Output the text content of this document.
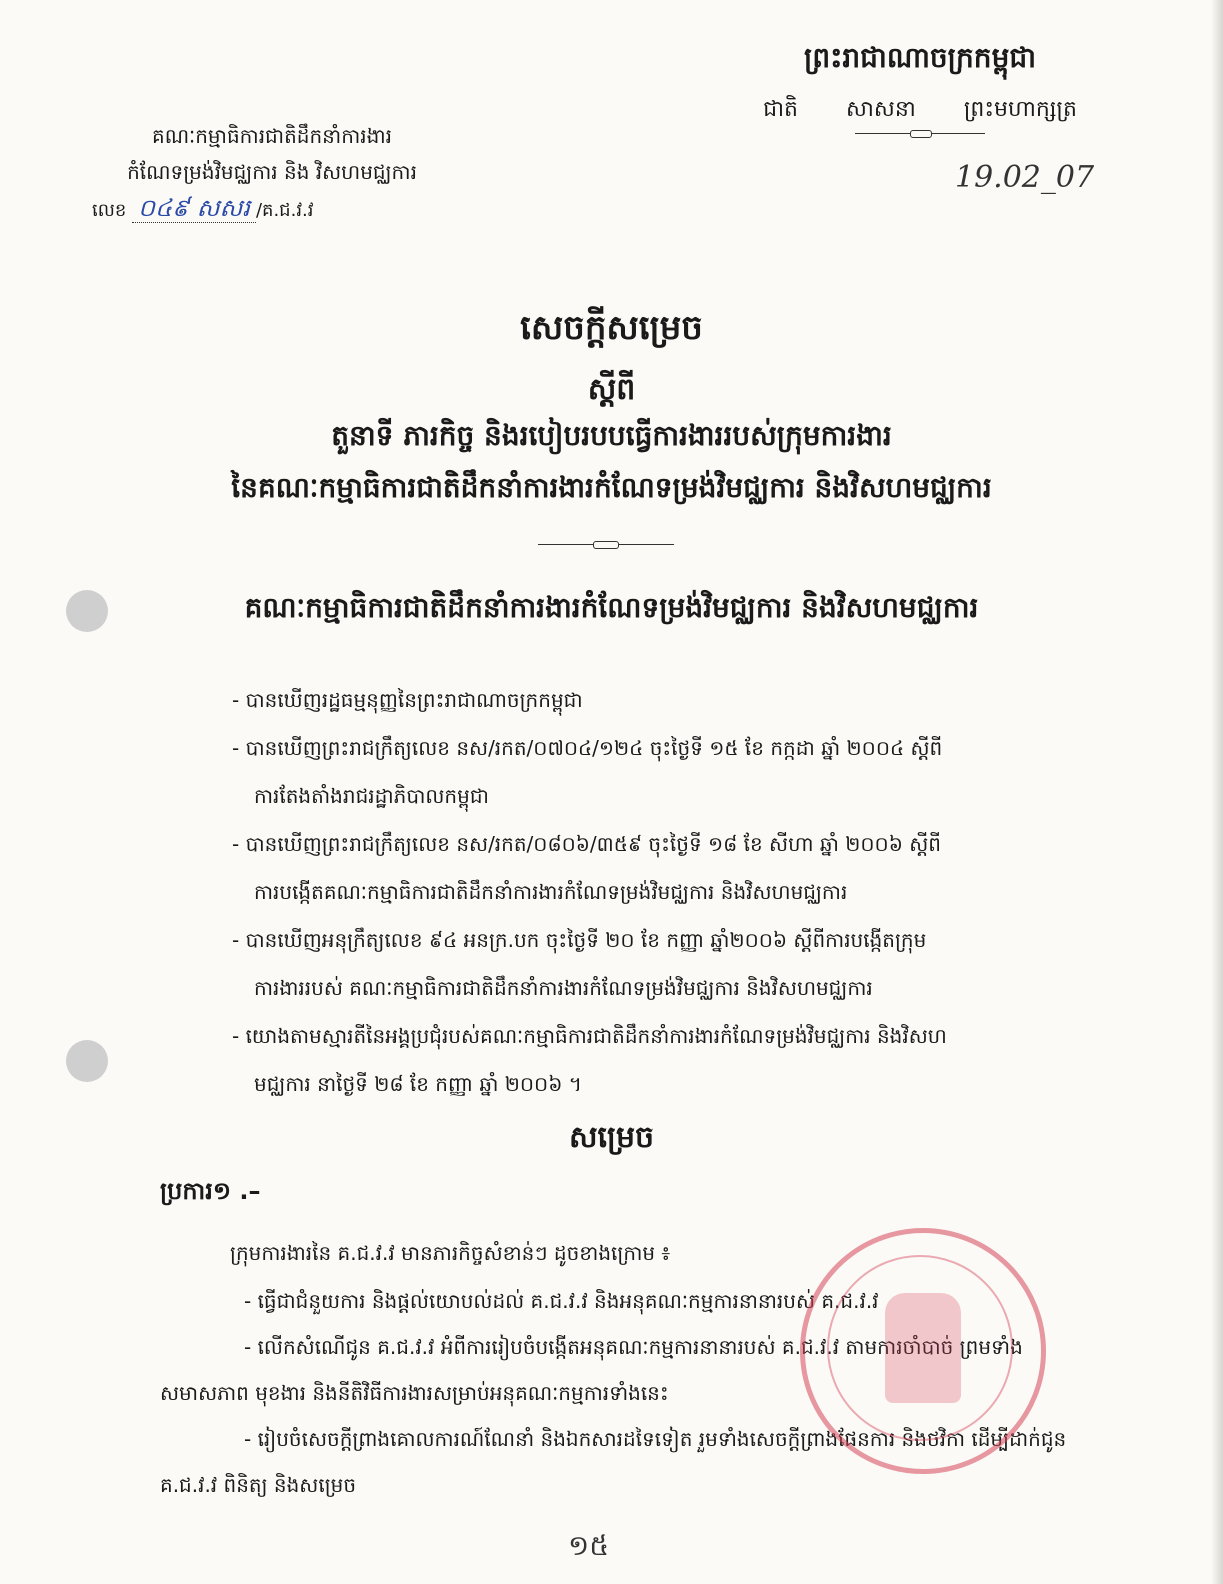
ព្រះរាជាណាចក្រកម្ពុជា
ជាតិ សាសនា ព្រះមហាក្សត្រ
19.02_07
គណៈកម្មាធិការជាតិដឹកនាំការងារ
កំណែទម្រង់វិមជ្ឈការ និង វិសហមជ្ឈការ
លេខ ០៤៩ សសរ /គ.ជ.វ.វ
សេចក្តីសម្រេច
ស្តីពី
តួនាទី ភារកិច្ច និងរបៀបរបបធ្វើការងាររបស់ក្រុមការងារ
នៃគណៈកម្មាធិការជាតិដឹកនាំការងារកំណែទម្រង់វិមជ្ឈការ និងវិសហមជ្ឈការ
គណៈកម្មាធិការជាតិដឹកនាំការងារកំណែទម្រង់វិមជ្ឈការ និងវិសហមជ្ឈការ
- បានឃើញរដ្ឋធម្មនុញ្ញនៃព្រះរាជាណាចក្រកម្ពុជា
- បានឃើញព្រះរាជក្រឹត្យលេខ នស/រកត/០៧០៤/១២៤ ចុះថ្ងៃទី ១៥ ខែ កក្កដា ឆ្នាំ ២០០៤ ស្តីពី
ការតែងតាំងរាជរដ្ឋាភិបាលកម្ពុជា
- បានឃើញព្រះរាជក្រឹត្យលេខ នស/រកត/០៨០៦/៣៥៩ ចុះថ្ងៃទី ១៨ ខែ សីហា ឆ្នាំ ២០០៦ ស្តីពី
ការបង្កើតគណៈកម្មាធិការជាតិដឹកនាំការងារកំណែទម្រង់វិមជ្ឈការ និងវិសហមជ្ឈការ
- បានឃើញអនុក្រឹត្យលេខ ៩៤ អនក្រ.បក ចុះថ្ងៃទី ២០ ខែ កញ្ញា ឆ្នាំ២០០៦ ស្តីពីការបង្កើតក្រុម
ការងាររបស់ គណៈកម្មាធិការជាតិដឹកនាំការងារកំណែទម្រង់វិមជ្ឈការ និងវិសហមជ្ឈការ
- យោងតាមស្មារតីនៃអង្គប្រជុំរបស់គណៈកម្មាធិការជាតិដឹកនាំការងារកំណែទម្រង់វិមជ្ឈការ និងវិសហ
មជ្ឈការ នាថ្ងៃទី ២៨ ខែ កញ្ញា ឆ្នាំ ២០០៦ ។
សម្រេច
ប្រការ១ .–
ក្រុមការងារនៃ គ.ជ.វ.វ មានភារកិច្ចសំខាន់ៗ ដូចខាងក្រោម ៖

- ធ្វើជាជំនួយការ និងផ្តល់យោបល់ដល់ គ.ជ.វ.វ និងអនុគណៈកម្មការនានារបស់ គ.ជ.វ.វ

- លើកសំណើជូន គ.ជ.វ.វ អំពីការរៀបចំបង្កើតអនុគណៈកម្មការនានារបស់ គ.ជ.វ.វ តាមការចាំបាច់ ព្រមទាំងសមាសភាព មុខងារ និងនីតិវិធីការងារសម្រាប់អនុគណៈកម្មការទាំងនេះ

- រៀបចំសេចក្តីព្រាងគោលការណ៍ណែនាំ និងឯកសារដទៃទៀត រួមទាំងសេចក្តីព្រាងផែនការ និងថវិកា ដើម្បីដាក់ជូន គ.ជ.វ.វ ពិនិត្យ និងសម្រេច

១៥
